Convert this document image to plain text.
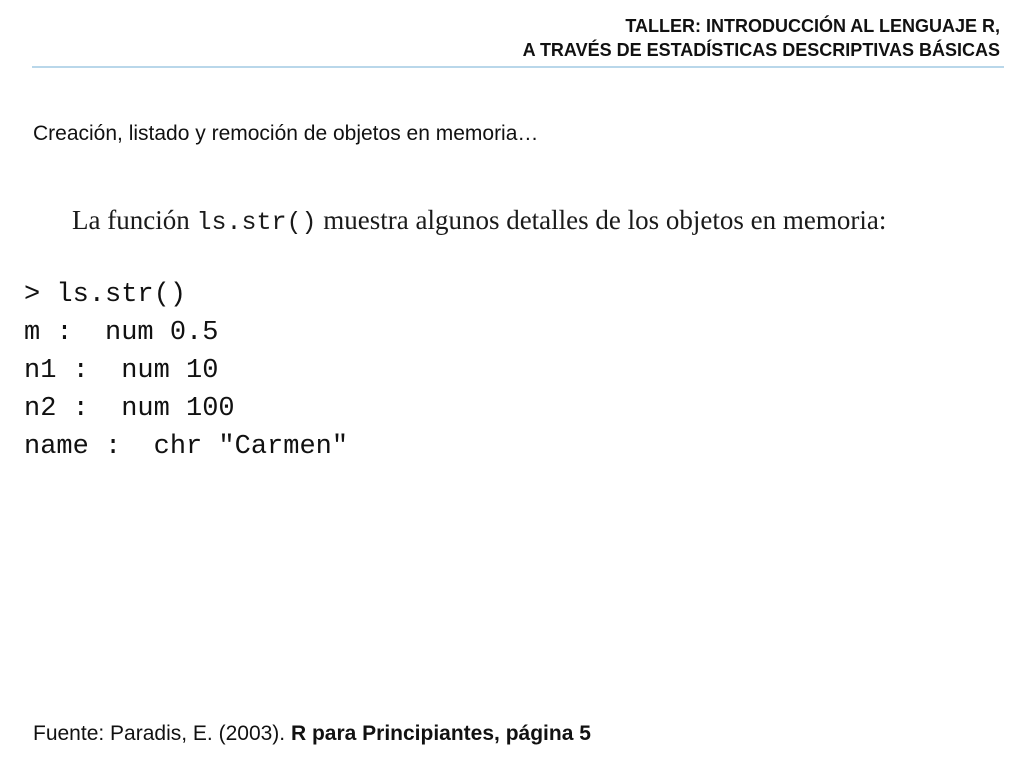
TALLER: INTRODUCCIÓN AL LENGUAJE R,
A TRAVÉS DE ESTADÍSTICAS DESCRIPTIVAS BÁSICAS
Creación, listado y remoción de objetos en memoria…
La función ls.str() muestra algunos detalles de los objetos en memoria:
> ls.str()
m :  num 0.5
n1 :  num 10
n2 :  num 100
name :  chr "Carmen"
Fuente: Paradis, E. (2003). R para Principiantes, página 5
